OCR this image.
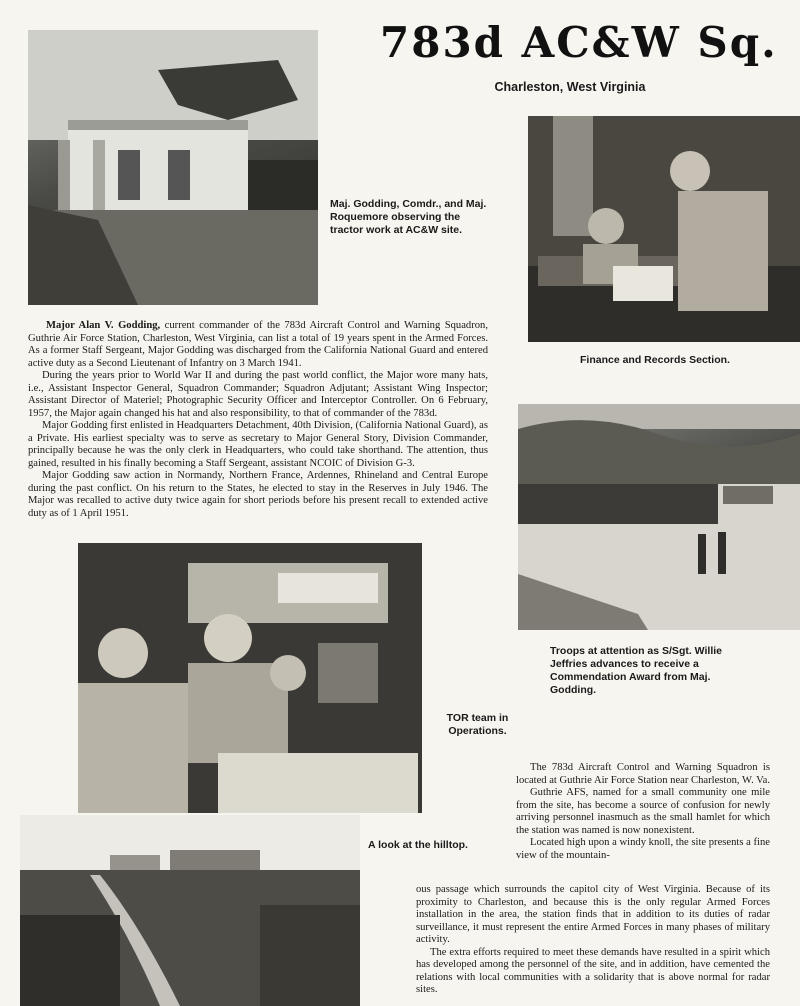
783d AC&W Sq.
Charleston, West Virginia
Maj. Godding, Comdr., and Maj. Roquemore observing the tractor work at AC&W site.
Finance and Records Section.

Major Alan V. Godding, current commander of the 783d Aircraft Control and Warning Squadron, Guthrie Air Force Station, Charleston, West Virginia, can list a total of 19 years spent in the Armed Forces. As a former Staff Sergeant, Major Godding was discharged from the California National Guard and entered active duty as a Second Lieutenant of Infantry on 3 March 1941.

During the years prior to World War II and during the past world conflict, the Major wore many hats, i.e., Assistant Inspector General, Squadron Commander; Squadron Adjutant; Assistant Wing Inspector; Assistant Director of Materiel; Photographic Security Officer and Interceptor Controller. On 6 February, 1957, the Major again changed his hat and also responsibility, to that of commander of the 783d.

Major Godding first enlisted in Headquarters Detachment, 40th Division, (California National Guard), as a Private. His earliest specialty was to serve as secretary to Major General Story, Division Commander, principally because he was the only clerk in Headquarters, who could take shorthand. The attention, thus gained, resulted in his finally becoming a Staff Sergeant, assistant NCOIC of Division G-3.

Major Godding saw action in Normandy, Northern France, Ardennes, Rhineland and Central Europe during the past conflict. On his return to the States, he elected to stay in the Reserves in July 1946. The Major was recalled to active duty twice again for short periods before his present recall to extended active duty as of 1 April 1951.

Troops at attention as S/Sgt. Willie Jeffries advances to receive a Commendation Award from Maj. Godding.
TOR team in Operations.
A look at the hilltop.

The 783d Aircraft Control and Warning Squadron is located at Guthrie Air Force Station near Charleston, W. Va.

Guthrie AFS, named for a small community one mile from the site, has become a source of confusion for newly arriving personnel inasmuch as the small hamlet for which the station was named is now nonexistent.

Located high upon a windy knoll, the site presents a fine view of the mountain-

ous passage which surrounds the capitol city of West Virginia. Because of its proximity to Charleston, and because this is the only regular Armed Forces installation in the area, the station finds that in addition to its duties of radar surveillance, it must represent the entire Armed Forces in many phases of military activity.

The extra efforts required to meet these demands have resulted in a spirit which has developed among the personnel of the site, and in addition, have cemented the relations with local communities with a solidarity that is above normal for radar sites.
